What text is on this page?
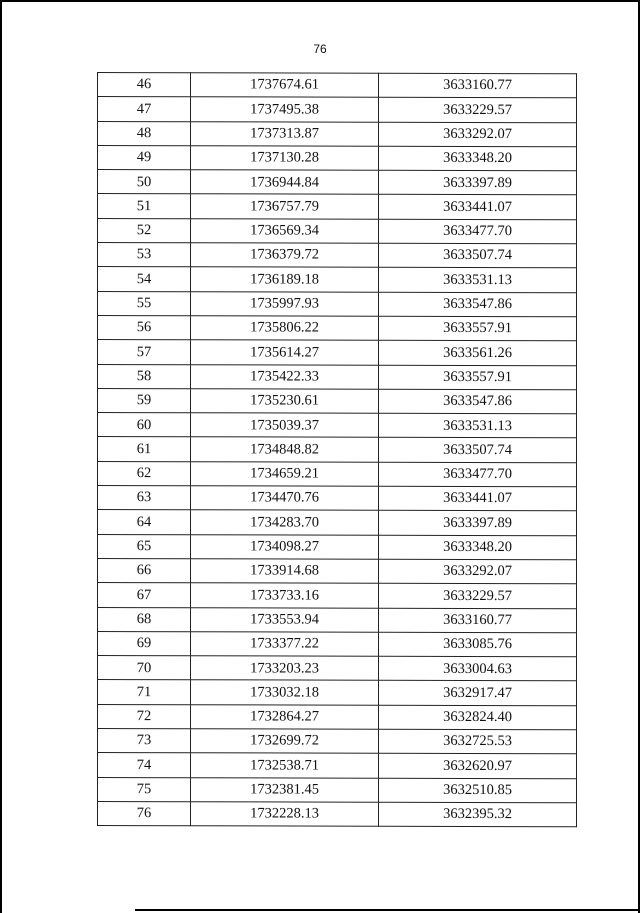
76
46	1737674.61	3633160.77
47	1737495.38	3633229.57
48	1737313.87	3633292.07
49	1737130.28	3633348.20
50	1736944.84	3633397.89
51	1736757.79	3633441.07
52	1736569.34	3633477.70
53	1736379.72	3633507.74
54	1736189.18	3633531.13
55	1735997.93	3633547.86
56	1735806.22	3633557.91
57	1735614.27	3633561.26
58	1735422.33	3633557.91
59	1735230.61	3633547.86
60	1735039.37	3633531.13
61	1734848.82	3633507.74
62	1734659.21	3633477.70
63	1734470.76	3633441.07
64	1734283.70	3633397.89
65	1734098.27	3633348.20
66	1733914.68	3633292.07
67	1733733.16	3633229.57
68	1733553.94	3633160.77
69	1733377.22	3633085.76
70	1733203.23	3633004.63
71	1733032.18	3632917.47
72	1732864.27	3632824.40
73	1732699.72	3632725.53
74	1732538.71	3632620.97
75	1732381.45	3632510.85
76	1732228.13	3632395.32
